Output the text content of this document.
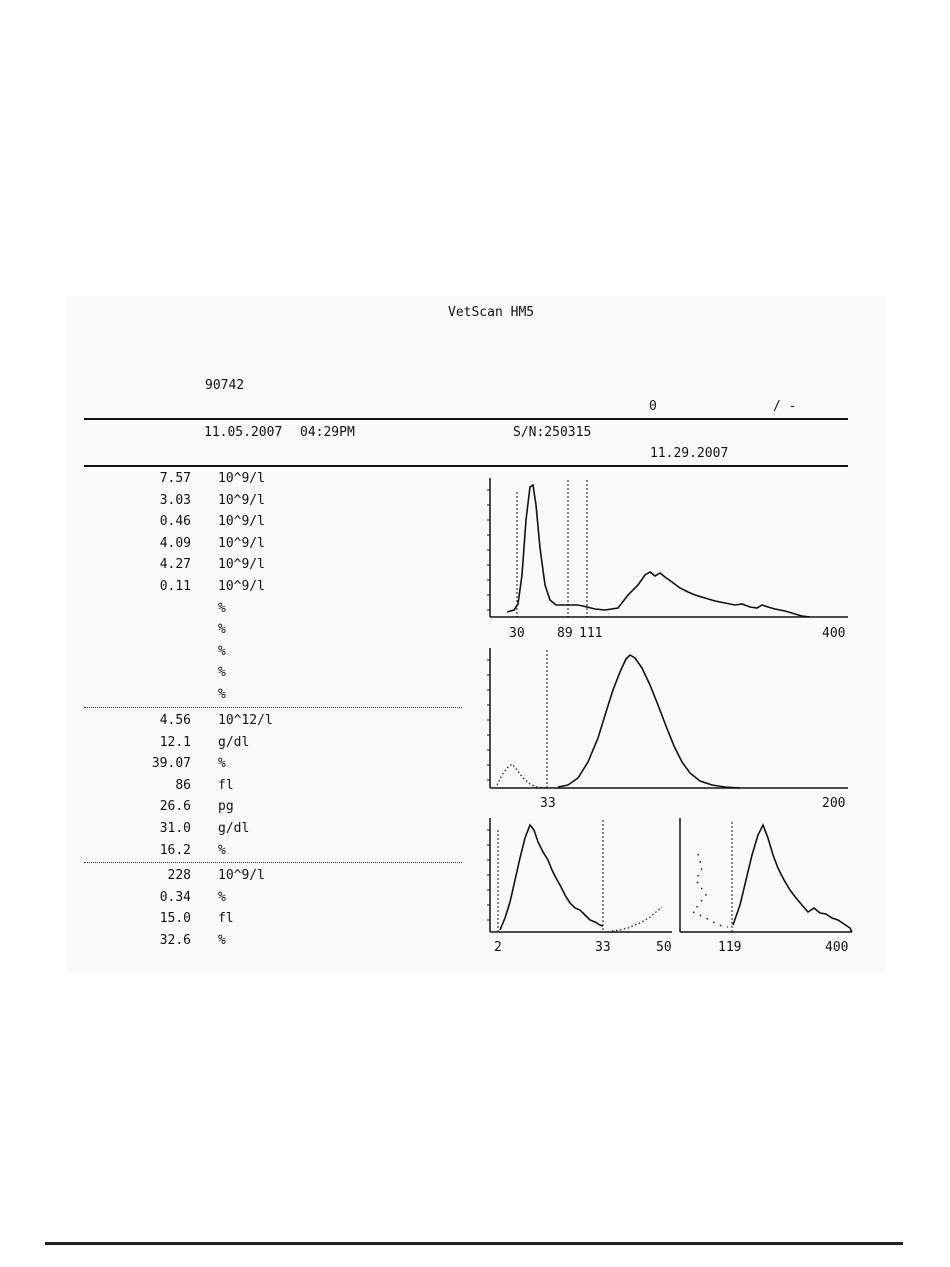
VetScan HM5
90742
0	/ -
11.05.2007 04:29PM	S/N:250315
11.29.2007
7.57 10^9/l
3.03 10^9/l
0.46 10^9/l
4.09 10^9/l
4.27 10^9/l
0.11 10^9/l
%
%
%
%
%
4.56 10^12/l
12.1 g/dl
39.07 %
86 fl
26.6 pg
31.0 g/dl
16.2 %
228 10^9/l
0.34 %
15.0 fl
32.6 %
30 89 111	400
33	200
2	33	50	119	400
